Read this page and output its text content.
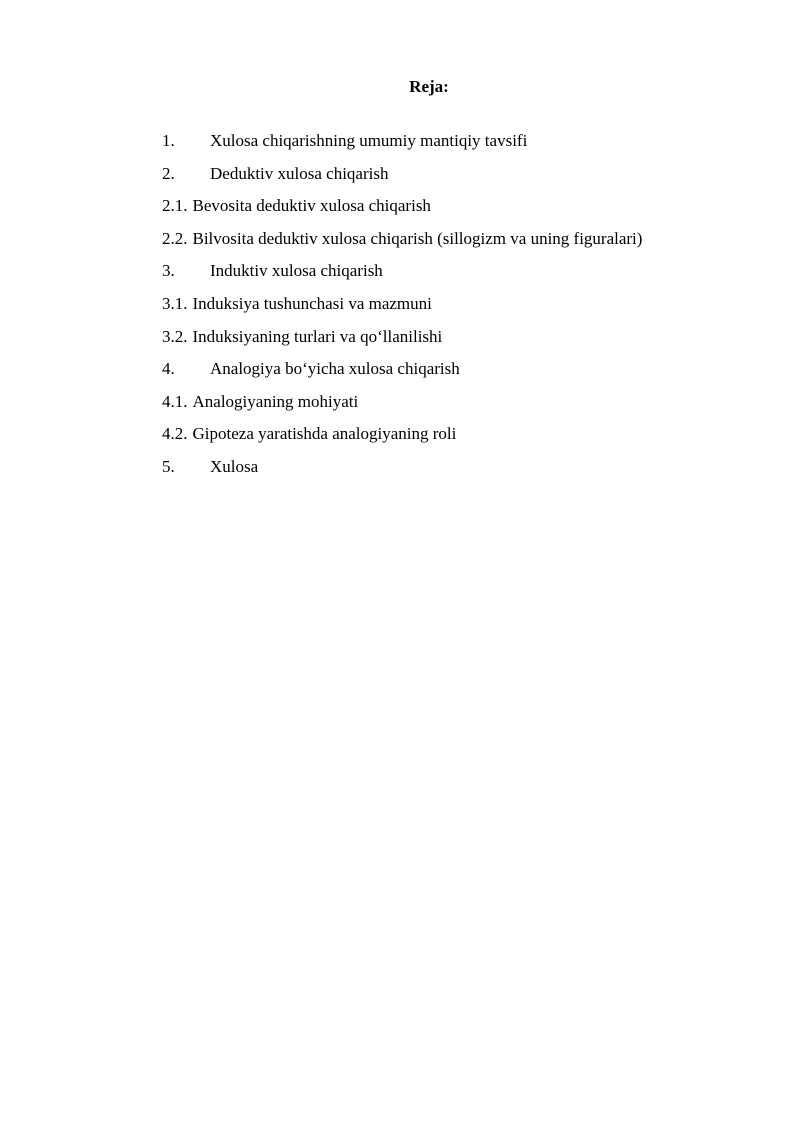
Reja:
1. Xulosa chiqarishning umumiy mantiqiy tavsifi
2. Deduktiv xulosa chiqarish
2.1. Bevosita deduktiv xulosa chiqarish
2.2. Bilvosita deduktiv xulosa chiqarish (sillogizm va uning figuralari)
3. Induktiv xulosa chiqarish
3.1. Induksiya tushunchasi va mazmuni
3.2. Induksiyaning turlari va qo‘llanilishi
4. Analogiya bo‘yicha xulosa chiqarish
4.1. Analogiyaning mohiyati
4.2. Gipoteza yaratishda analogiyaning roli
5. Xulosa
